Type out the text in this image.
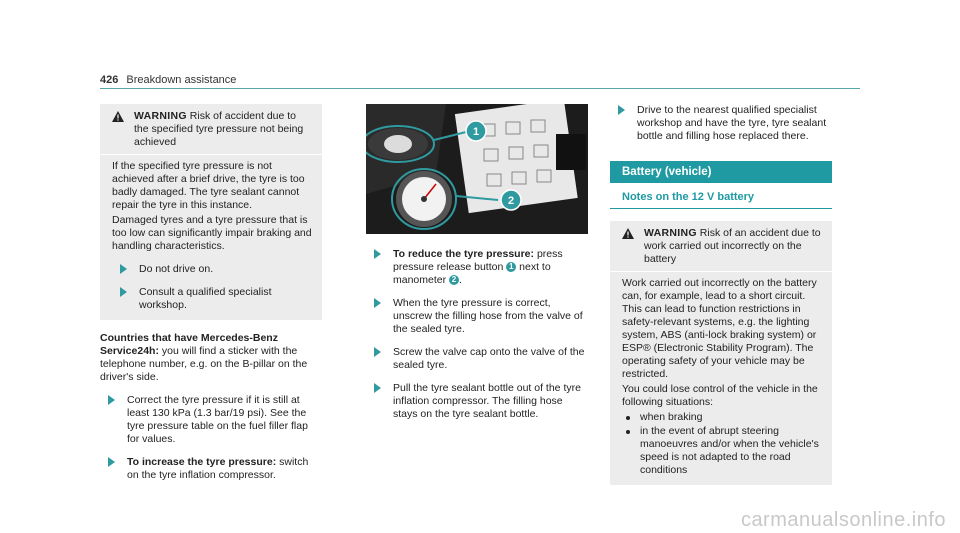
426 Breakdown assistance
WARNING Risk of accident due to the specified tyre pressure not being achieved

If the specified tyre pressure is not achieved after a brief drive, the tyre is too badly damaged. The tyre sealant cannot repair the tyre in this instance.

Damaged tyres and a tyre pressure that is too low can significantly impair braking and handling characteristics.

Do not drive on.
Consult a qualified specialist workshop.
Countries that have Mercedes-Benz Service24h: you will find a sticker with the telephone number, e.g. on the B-pillar on the driver's side.
Correct the tyre pressure if it is still at least 130 kPa (1.3 bar/19 psi). See the tyre pressure table on the fuel filler flap for values.
To increase the tyre pressure: switch on the tyre inflation compressor.
1
2
To reduce the tyre pressure: press pressure release button 1 next to manometer 2 .
When the tyre pressure is correct, unscrew the filling hose from the valve of the sealed tyre.
Screw the valve cap onto the valve of the sealed tyre.
Pull the tyre sealant bottle out of the tyre inflation compressor. The filling hose stays on the tyre sealant bottle.
Drive to the nearest qualified specialist workshop and have the tyre, tyre sealant bottle and filling hose replaced there.
Battery (vehicle)
Notes on the 12 V battery
WARNING Risk of an accident due to work carried out incorrectly on the battery

Work carried out incorrectly on the battery can, for example, lead to a short circuit. This can lead to function restrictions in safety-relevant systems, e.g. the lighting system, ABS (anti-lock braking system) or ESP® (Electronic Stability Program). The operating safety of your vehicle may be restricted.

You could lose control of the vehicle in the following situations:

when braking
in the event of abrupt steering manoeuvres and/or when the vehicle's speed is not adapted to the road conditions
carmanualsonline.info
